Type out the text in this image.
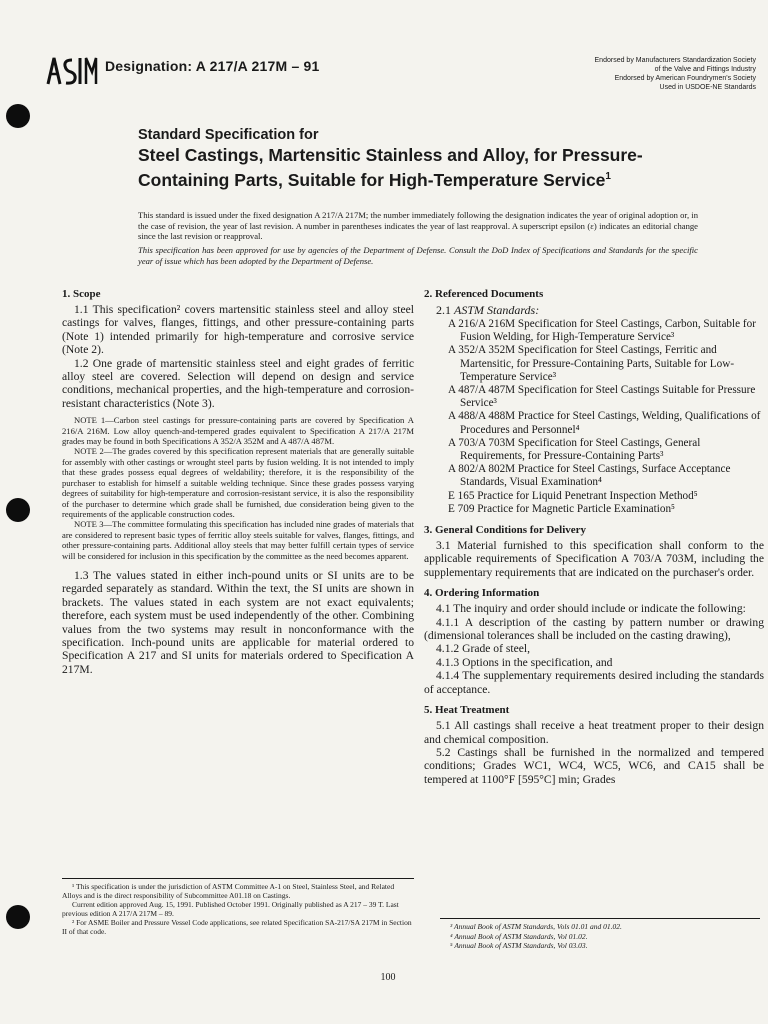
Designation: A 217/A 217M – 91	Endorsed by Manufacturers Standardization Society
of the Valve and Fittings Industry
Endorsed by American Foundrymen's Society
Used in USDOE-NE Standards
Standard Specification for
Steel Castings, Martensitic Stainless and Alloy, for Pressure-
Containing Parts, Suitable for High-Temperature Service$^1$
This standard is issued under the fixed designation A 217/A 217M; the number immediately following the designation indicates the year of original adoption or, in the case of revision, the year of last revision. A number in parentheses indicates the year of last reapproval. A superscript epsilon (ε) indicates an editorial change since the last revision or reapproval.
This specification has been approved for use by agencies of the Department of Defense. Consult the DoD Index of Specifications and Standards for the specific year of issue which has been adopted by the Department of Defense.
1. Scope

1.1 This specification² covers martensitic stainless steel and alloy steel castings for valves, flanges, fittings, and other pressure-containing parts (Note 1) intended primarily for high-temperature and corrosive service (Note 2).

1.2 One grade of martensitic stainless steel and eight grades of ferritic alloy steel are covered. Selection will depend on design and service conditions, mechanical properties, and the high-temperature and corrosion-resistant characteristics (Note 3).

NOTE 1—Carbon steel castings for pressure-containing parts are covered by Specification A 216/A 216M. Low alloy quench-and-tempered grades equivalent to Specification A 217/A 217M grades may be found in both Specifications A 352/A 352M and A 487/A 487M.

NOTE 2—The grades covered by this specification represent materials that are generally suitable for assembly with other castings or wrought steel parts by fusion welding. It is not intended to imply that these grades possess equal degrees of weldability; therefore, it is the responsibility of the purchaser to establish for himself a suitable welding technique. Since these grades possess varying degrees of suitability for high-temperature and corrosion-resistant service, it is also the responsibility of the purchaser to determine which grade shall be furnished, due consideration being given to the requirements of the applicable construction codes.

NOTE 3—The committee formulating this specification has included nine grades of materials that are considered to represent basic types of ferritic alloy steels suitable for valves, flanges, fittings, and other pressure-containing parts. Additional alloy steels that may better fulfill certain types of service will be considered for inclusion in this specification by the committee as the need becomes apparent.

1.3 The values stated in either inch-pound units or SI units are to be regarded separately as standard. Within the text, the SI units are shown in brackets. The values stated in each system are not exact equivalents; therefore, each system must be used independently of the other. Combining values from the two systems may result in nonconformance with the specification. Inch-pound units are applicable for material ordered to Specification A 217 and SI units for materials ordered to Specification A 217M.

¹ This specification is under the jurisdiction of ASTM Committee A-1 on Steel, Stainless Steel, and Related Alloys and is the direct responsibility of Subcommittee A01.18 on Castings.

Current edition approved Aug. 15, 1991. Published October 1991. Originally published as A 217 – 39 T. Last previous edition A 217/A 217M – 89.

² For ASME Boiler and Pressure Vessel Code applications, see related Specification SA-217/SA 217M in Section II of that code.

2. Referenced Documents
2.1 ASTM Standards:

A 216/A 216M Specification for Steel Castings, Carbon, Suitable for Fusion Welding, for High-Temperature Service³

A 352/A 352M Specification for Steel Castings, Ferritic and Martensitic, for Pressure-Containing Parts, Suitable for Low-Temperature Service³

A 487/A 487M Specification for Steel Castings Suitable for Pressure Service³

A 488/A 488M Practice for Steel Castings, Welding, Qualifications of Procedures and Personnel⁴

A 703/A 703M Specification for Steel Castings, General Requirements, for Pressure-Containing Parts³

A 802/A 802M Practice for Steel Castings, Surface Acceptance Standards, Visual Examination⁴

E 165 Practice for Liquid Penetrant Inspection Method⁵

E 709 Practice for Magnetic Particle Examination⁵

3. General Conditions for Delivery

3.1 Material furnished to this specification shall conform to the applicable requirements of Specification A 703/A 703M, including the supplementary requirements that are indicated on the purchaser's order.

4. Ordering Information

4.1 The inquiry and order should include or indicate the following:

4.1.1 A description of the casting by pattern number or drawing (dimensional tolerances shall be included on the casting drawing),

4.1.2 Grade of steel,

4.1.3 Options in the specification, and

4.1.4 The supplementary requirements desired including the standards of acceptance.

5. Heat Treatment

5.1 All castings shall receive a heat treatment proper to their design and chemical composition.

5.2 Castings shall be furnished in the normalized and tempered conditions; Grades WC1, WC4, WC5, WC6, and CA15 shall be tempered at 1100°F [595°C] min; Grades

³ Annual Book of ASTM Standards, Vols 01.01 and 01.02.

⁴ Annual Book of ASTM Standards, Vol 01.02.

⁵ Annual Book of ASTM Standards, Vol 03.03.

100
